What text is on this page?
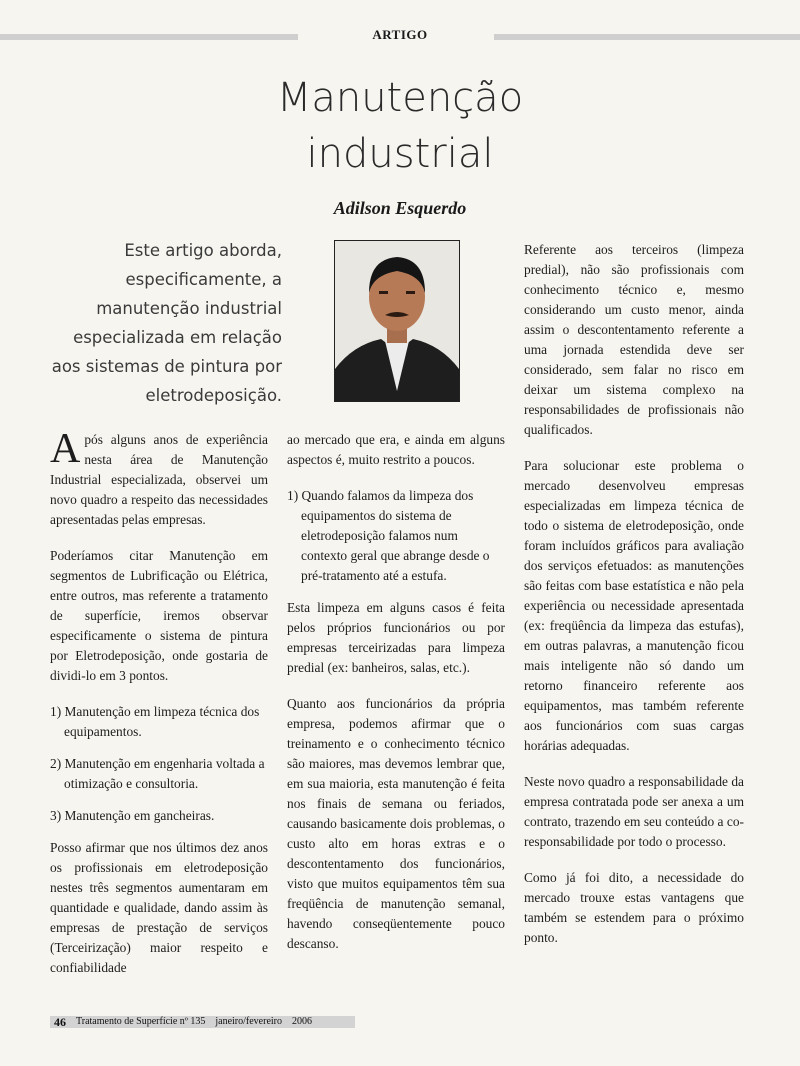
ARTIGO
Manutenção
industrial
Adilson Esquerdo
Este artigo aborda,
especificamente, a
manutenção industrial
especializada em relação
aos sistemas de pintura por
eletrodeposição.

Após alguns anos de experiência nesta área de Manutenção Industrial especializada, observei um novo quadro a respeito das necessidades apresentadas pelas empresas.

Poderíamos citar Manutenção em segmentos de Lubrificação ou Elétrica, entre outros, mas referente a tratamento de superfície, iremos observar especificamente o sistema de pintura por Eletrodeposição, onde gostaria de dividi-lo em 3 pontos.

1) Manutenção em limpeza técnica dos equipamentos.
2) Manutenção em engenharia voltada a otimização e consultoria.
3) Manutenção em gancheiras.

Posso afirmar que nos últimos dez anos os profissionais em eletrodeposição nestes três segmentos aumentaram em quantidade e qualidade, dando assim às empresas de prestação de serviços (Terceirização) maior respeito e confiabilidade

ao mercado que era, e ainda em alguns aspectos é, muito restrito a poucos.

1) Quando falamos da limpeza dos equipamentos do sistema de eletrodeposição falamos num contexto geral que abrange desde o pré-tratamento até a estufa.

Esta limpeza em alguns casos é feita pelos próprios funcionários ou por empresas terceirizadas para limpeza predial (ex: banheiros, salas, etc.).

Quanto aos funcionários da própria empresa, podemos afirmar que o treinamento e o conhecimento técnico são maiores, mas devemos lembrar que, em sua maioria, esta manutenção é feita nos finais de semana ou feriados, causando basicamente dois problemas, o custo alto em horas extras e o descontentamento dos funcionários, visto que muitos equipamentos têm sua freqüência de manutenção semanal, havendo conseqüentemente pouco descanso.

Referente aos terceiros (limpeza predial), não são profissionais com conhecimento técnico e, mesmo considerando um custo menor, ainda assim o descontentamento referente a uma jornada estendida deve ser considerado, sem falar no risco em deixar um sistema complexo na responsabilidades de profissionais não qualificados.

Para solucionar este problema o mercado desenvolveu empresas especializadas em limpeza técnica de todo o sistema de eletrodeposição, onde foram incluídos gráficos para avaliação dos serviços efetuados: as manutenções são feitas com base estatística e não pela experiência ou necessidade apresentada (ex: freqüência da limpeza das estufas), em outras palavras, a manutenção ficou mais inteligente não só dando um retorno financeiro referente aos equipamentos, mas também referente aos funcionários com suas cargas horárias adequadas.

Neste novo quadro a responsabilidade da empresa contratada pode ser anexa a um contrato, trazendo em seu conteúdo a co-responsabilidade por todo o processo.

Como já foi dito, a necessidade do mercado trouxe estas vantagens que também se estendem para o próximo ponto.

46 Tratamento de Superfície nº 135 janeiro/fevereiro 2006
